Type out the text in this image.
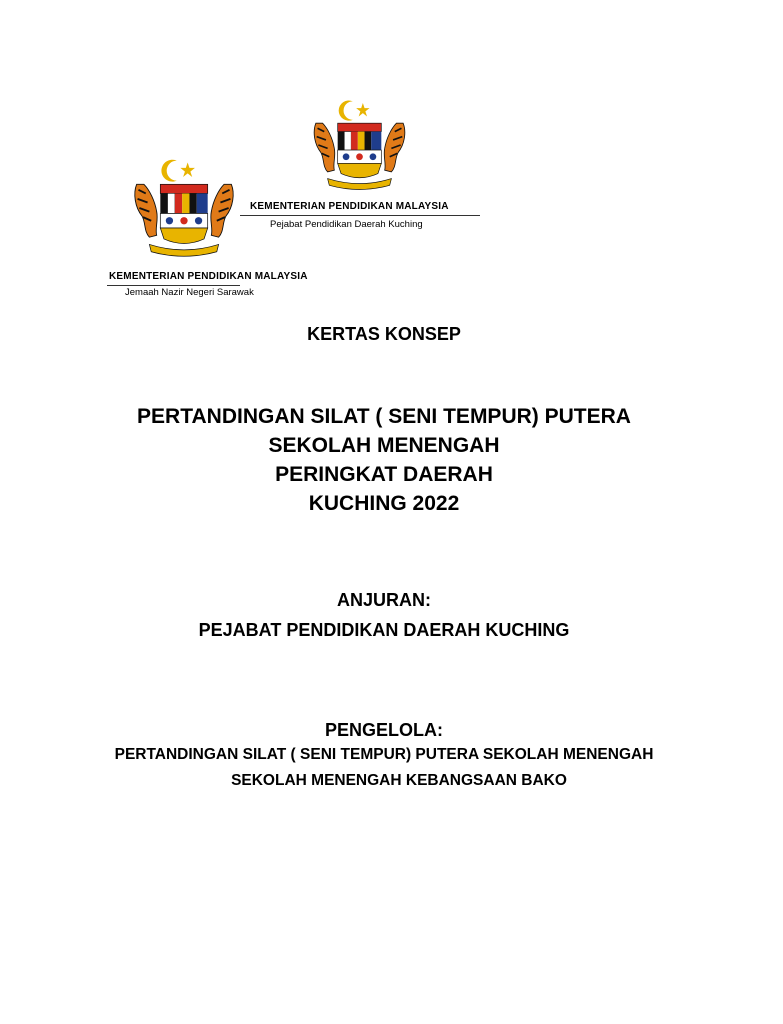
KEMENTERIAN PENDIDIKAN MALAYSIA
Jemaah Nazir Negeri Sarawak
KEMENTERIAN PENDIDIKAN MALAYSIA
Pejabat Pendidikan Daerah Kuching
KERTAS KONSEP
PERTANDINGAN SILAT ( SENI TEMPUR) PUTERA
SEKOLAH MENENGAH
PERINGKAT DAERAH
KUCHING 2022
ANJURAN:
PEJABAT PENDIDIKAN DAERAH KUCHING
PENGELOLA:
PERTANDINGAN SILAT ( SENI TEMPUR) PUTERA SEKOLAH MENENGAH
SEKOLAH MENENGAH KEBANGSAAN BAKO
